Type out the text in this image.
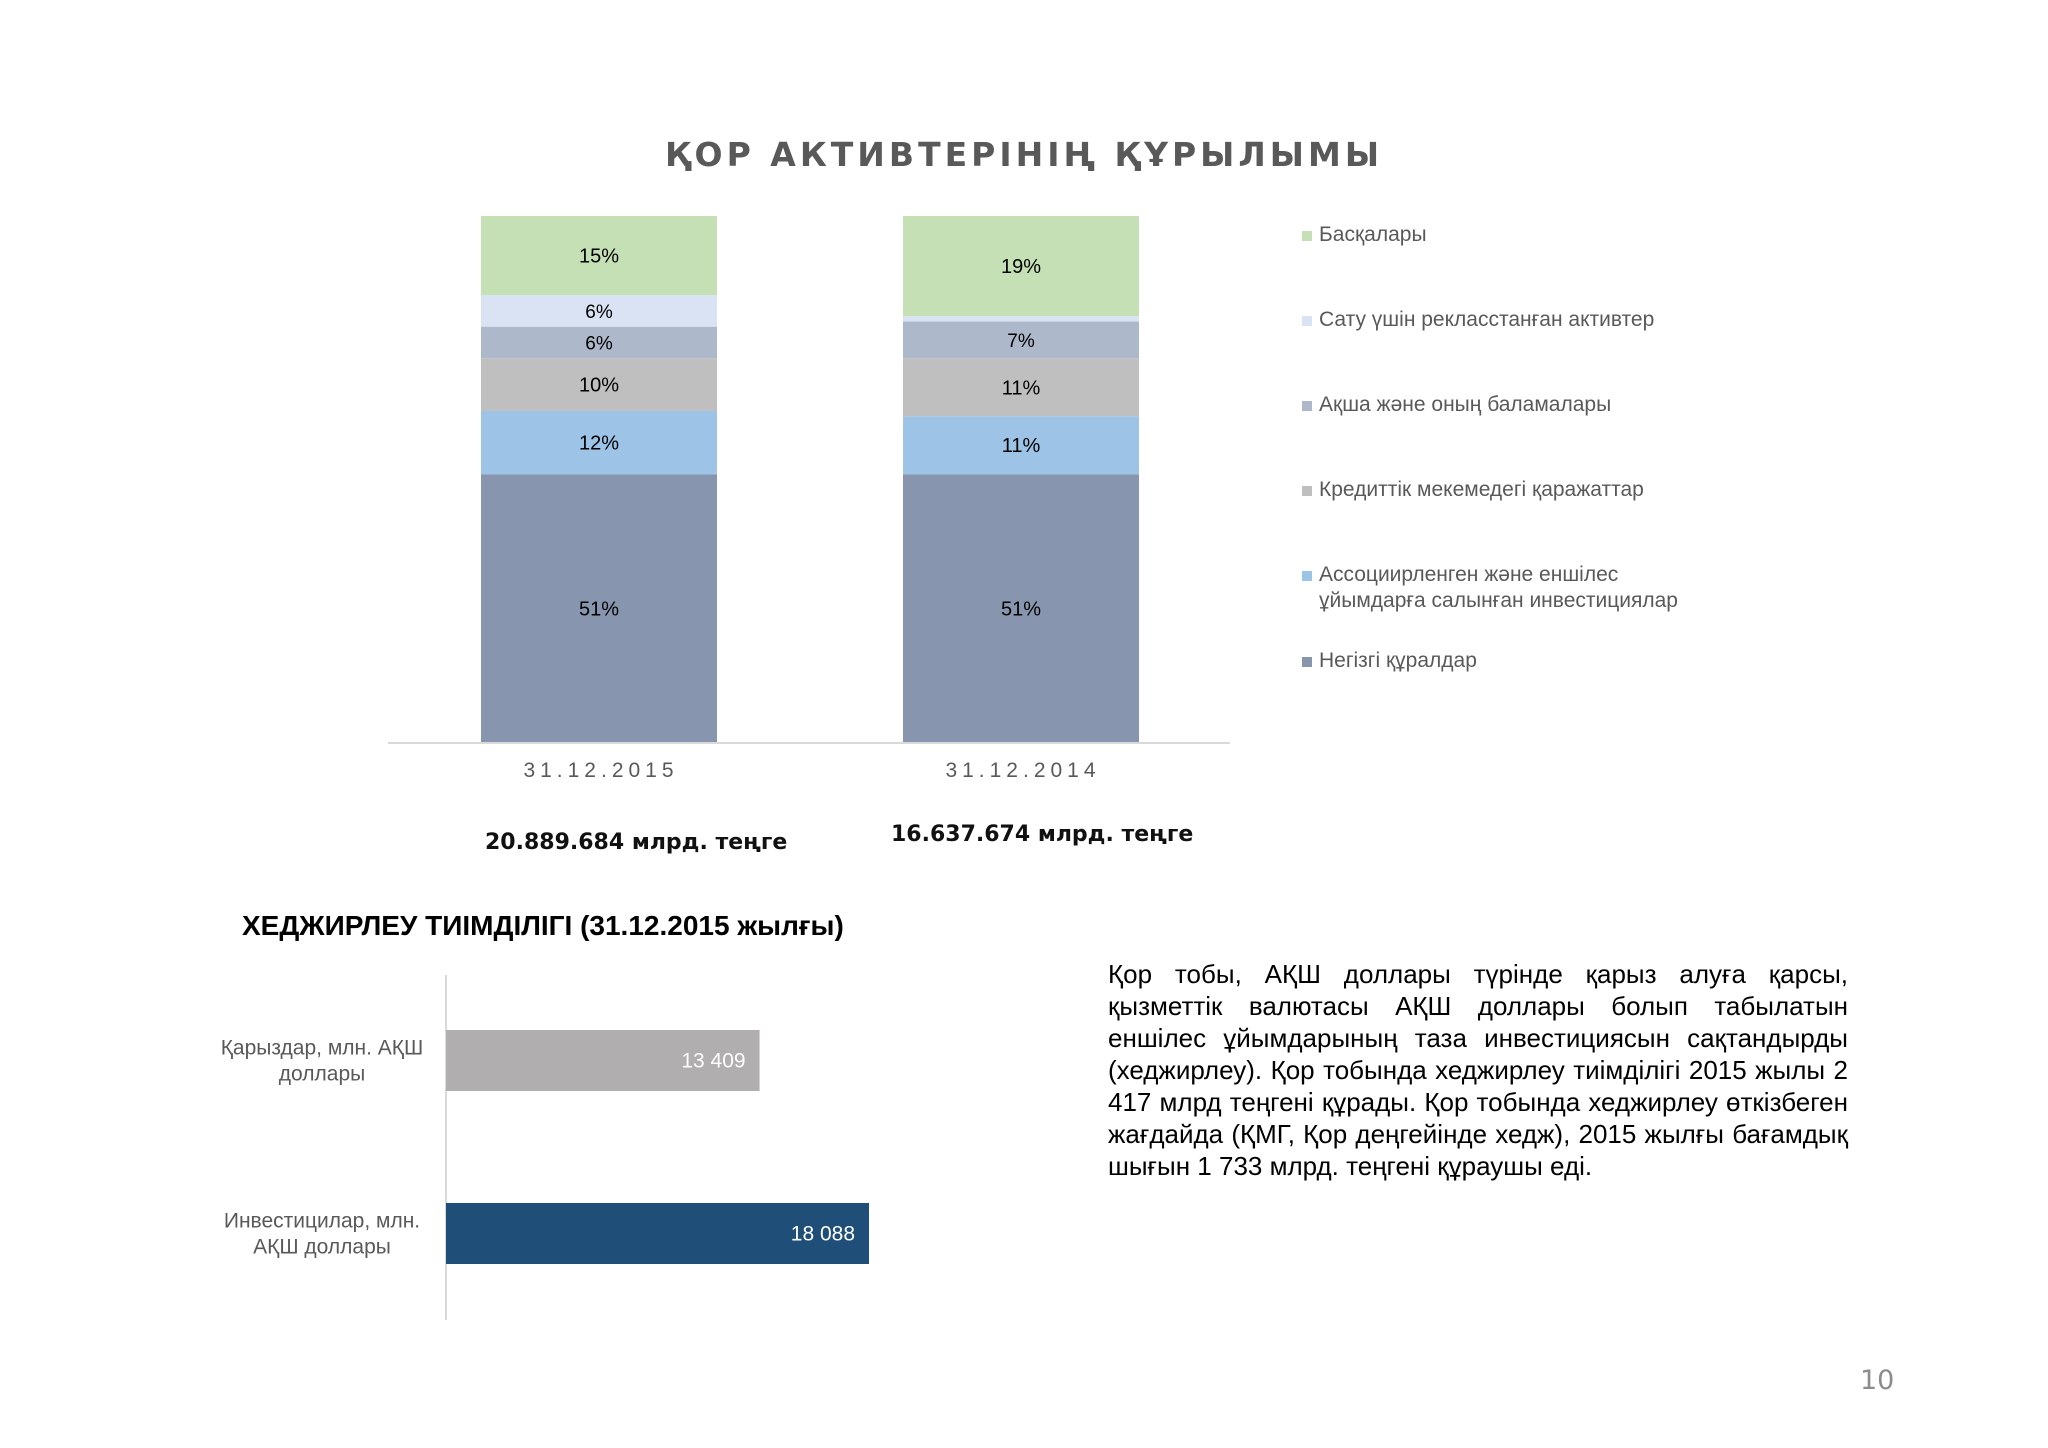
ҚОР АКТИВТЕРІНІҢ ҚҰРЫЛЫМЫ
51%
12%
10%
6%
6%
15%
51%
11%
11%
7%
19%
31.12.2015	31.12.2014
Басқалары
Сату үшін рекласстанған активтер
Ақша және оның баламалары
Кредиттік мекемедегі қаражаттар
Ассоциирленген және еншілес ұйымдарға салынған инвестициялар
Негізгі құралдар
20.889.684 млрд. теңге	16.637.674 млрд. теңге
ХЕДЖИРЛЕУ ТИІМДІЛІГІ (31.12.2015 жылғы)
13 409
Қарыздар, млн. АҚШ доллары
18 088
Инвестицилар, млн. АҚШ доллары
Қор тобы, АҚШ доллары түрінде қарыз алуға қарсы, қызметтік валютасы АҚШ доллары болып табылатын еншілес ұйымдарының таза инвестициясын сақтандырды (хеджирлеу). Қор тобында хеджирлеу тиімділігі 2015 жылы 2 417 млрд теңгені құрады. Қор тобында хеджирлеу өткізбеген жағдайда (ҚМГ, Қор деңгейінде хедж), 2015 жылғы бағамдық шығын 1 733 млрд. теңгені құраушы еді.
10
